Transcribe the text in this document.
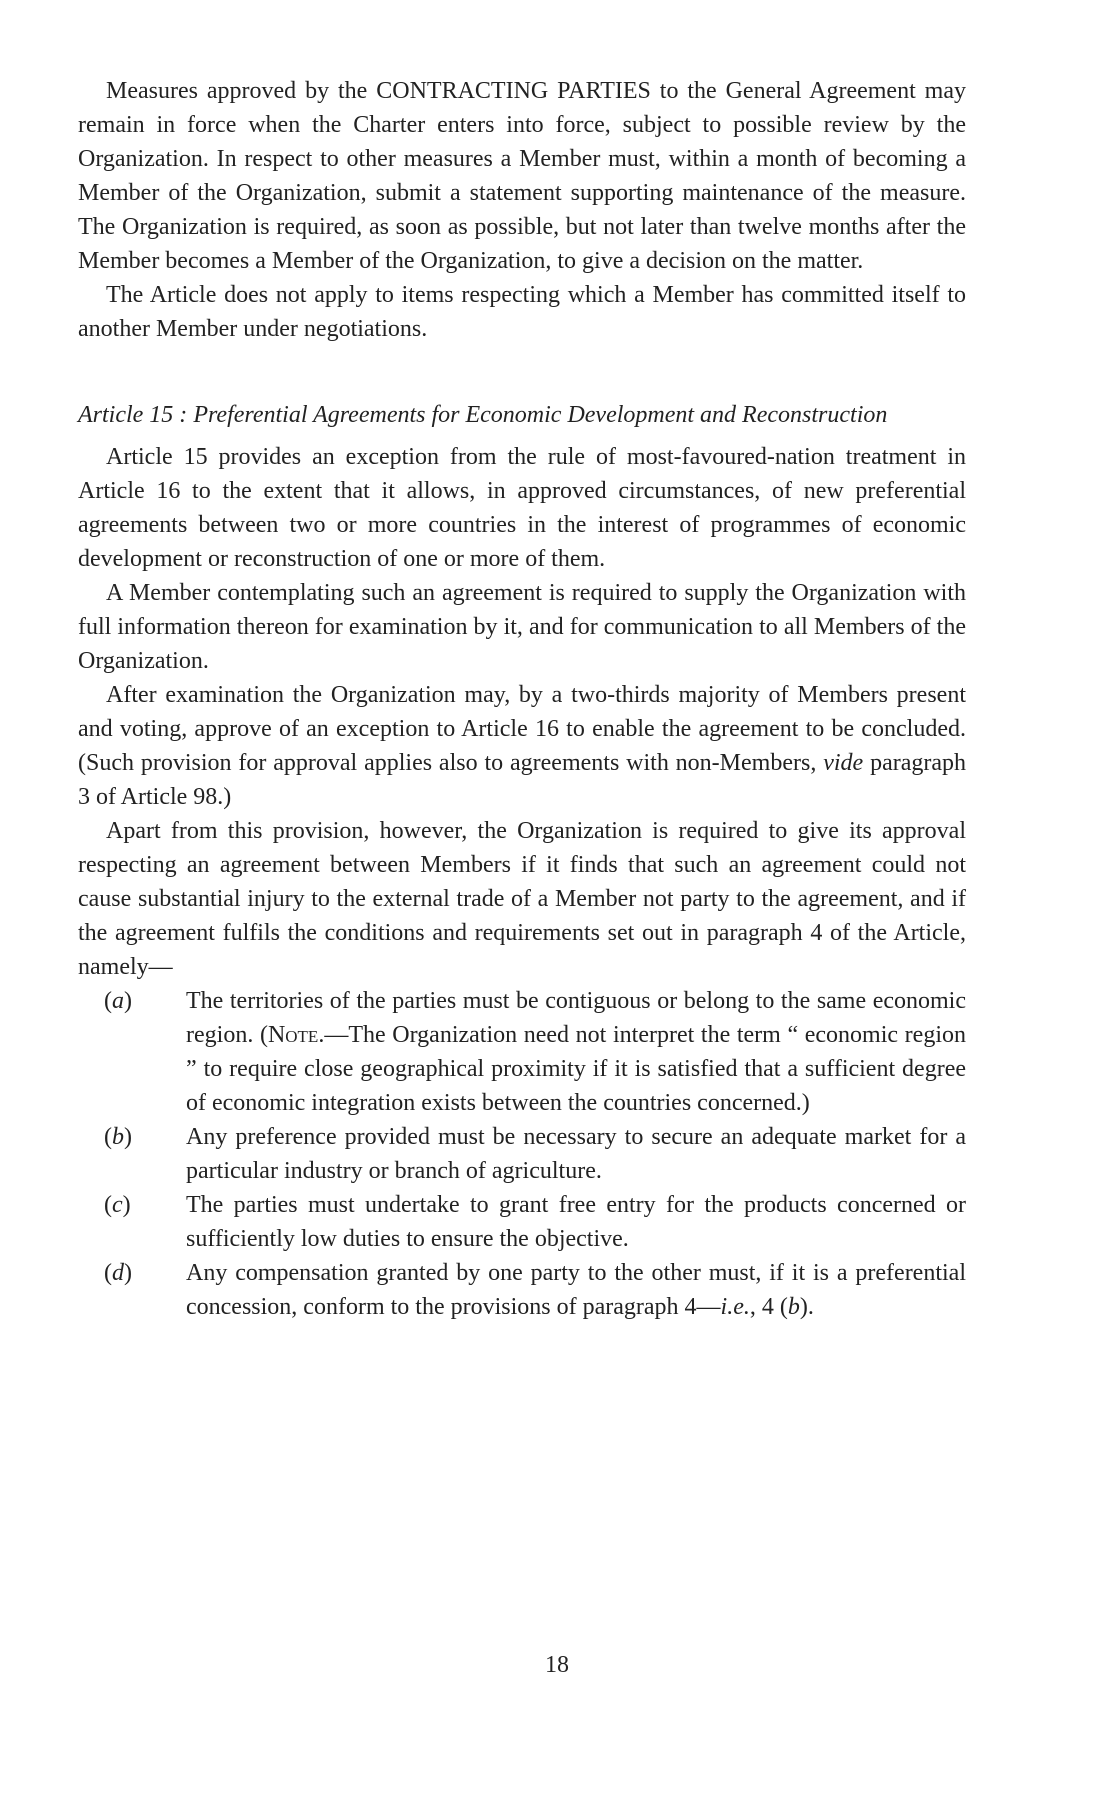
Measures approved by the CONTRACTING PARTIES to the General Agreement may remain in force when the Charter enters into force, subject to possible review by the Organization. In respect to other measures a Member must, within a month of becoming a Member of the Organization, submit a statement supporting maintenance of the measure. The Organization is required, as soon as possible, but not later than twelve months after the Member becomes a Member of the Organization, to give a decision on the matter.

The Article does not apply to items respecting which a Member has committed itself to another Member under negotiations.

Article 15 : Preferential Agreements for Economic Development and Reconstruction

Article 15 provides an exception from the rule of most-favoured-nation treatment in Article 16 to the extent that it allows, in approved circumstances, of new preferential agreements between two or more countries in the interest of programmes of economic development or reconstruction of one or more of them.

A Member contemplating such an agreement is required to supply the Organization with full information thereon for examination by it, and for communication to all Members of the Organization.

After examination the Organization may, by a two-thirds majority of Members present and voting, approve of an exception to Article 16 to enable the agreement to be concluded. (Such provision for approval applies also to agreements with non-Members, vide paragraph 3 of Article 98.)

Apart from this provision, however, the Organization is required to give its approval respecting an agreement between Members if it finds that such an agreement could not cause substantial injury to the external trade of a Member not party to the agreement, and if the agreement fulfils the conditions and requirements set out in paragraph 4 of the Article, namely—

(a) The territories of the parties must be contiguous or belong to the same economic region. (Note.—The Organization need not interpret the term “ economic region ” to require close geographical proximity if it is satisfied that a sufficient degree of economic integration exists between the countries concerned.)
(b) Any preference provided must be necessary to secure an adequate market for a particular industry or branch of agriculture.
(c) The parties must undertake to grant free entry for the products concerned or sufficiently low duties to ensure the objective.
(d) Any compensation granted by one party to the other must, if it is a preferential concession, conform to the provisions of paragraph 4—i.e., 4 (b).
18
